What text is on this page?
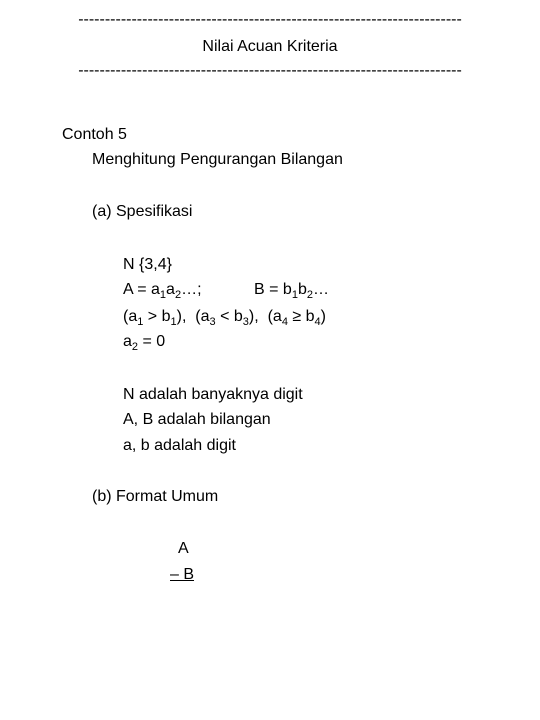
------------------------------------------------------------------------
Nilai Acuan Kriteria
------------------------------------------------------------------------
Contoh 5
Menghitung Pengurangan Bilangan
(a) Spesifikasi
N {3,4}
$A = a_1a_2\dots$;	$B = b_1b_2\dots$
$(a_1 > b_1)$, $(a_3 < b_3)$, $(a_4 \ge b_4)$
$a_2 = 0$
N adalah banyaknya digit
A, B adalah bilangan
a, b adalah digit
(b) Format Umum
A
– B
